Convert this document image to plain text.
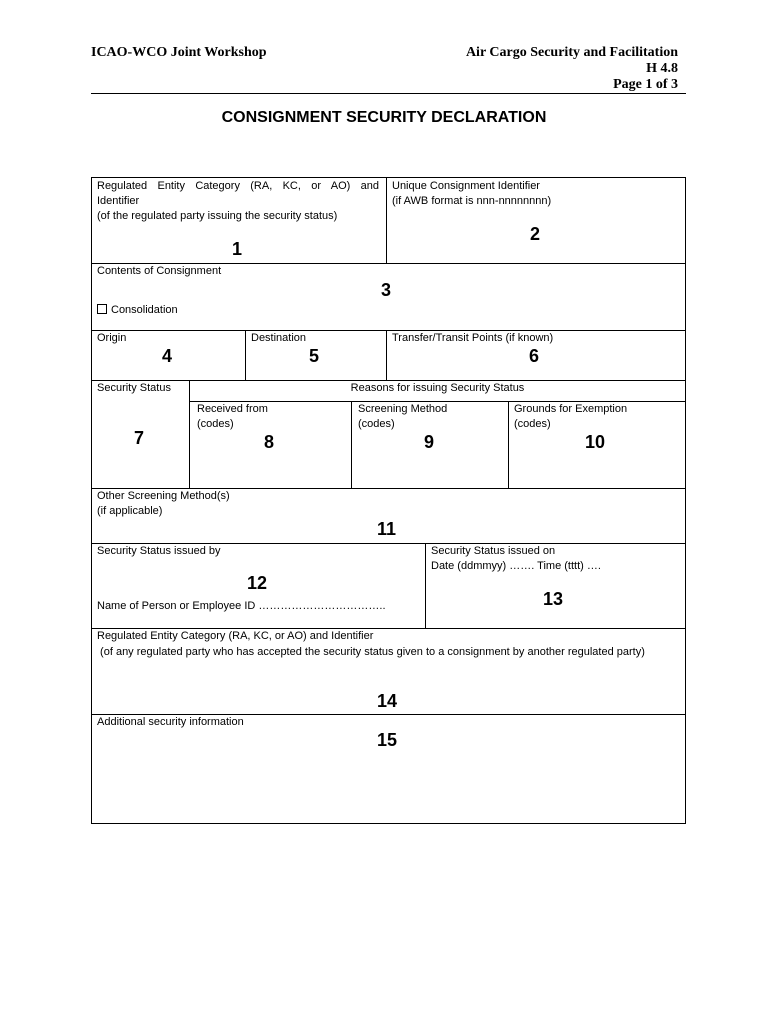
ICAO-WCO Joint Workshop	Air Cargo Security and Facilitation
H 4.8
Page 1 of 3
CONSIGNMENT SECURITY DECLARATION
Regulated Entity Category (RA, KC, or AO) and
Identifier
(of the regulated party issuing the security status)
1
Unique Consignment Identifier
(if AWB format is nnn-nnnnnnnn)
2
Contents of Consignment
3
Consolidation
Origin
4
Destination
5
Transfer/Transit Points (if known)
6
Security Status
7
Reasons for issuing Security Status
Received from
(codes)
8
Screening Method
(codes)
9
Grounds for Exemption
(codes)
10
Other Screening Method(s)
(if applicable)
11
Security Status issued by
12
Name of Person or Employee ID ……………………………..
Security Status issued on
Date (ddmmyy) ……. Time (tttt) ….
13
Regulated Entity Category (RA, KC, or AO) and Identifier
(of any regulated party who has accepted the security status given to a consignment by another regulated party)
14
Additional security information
15
